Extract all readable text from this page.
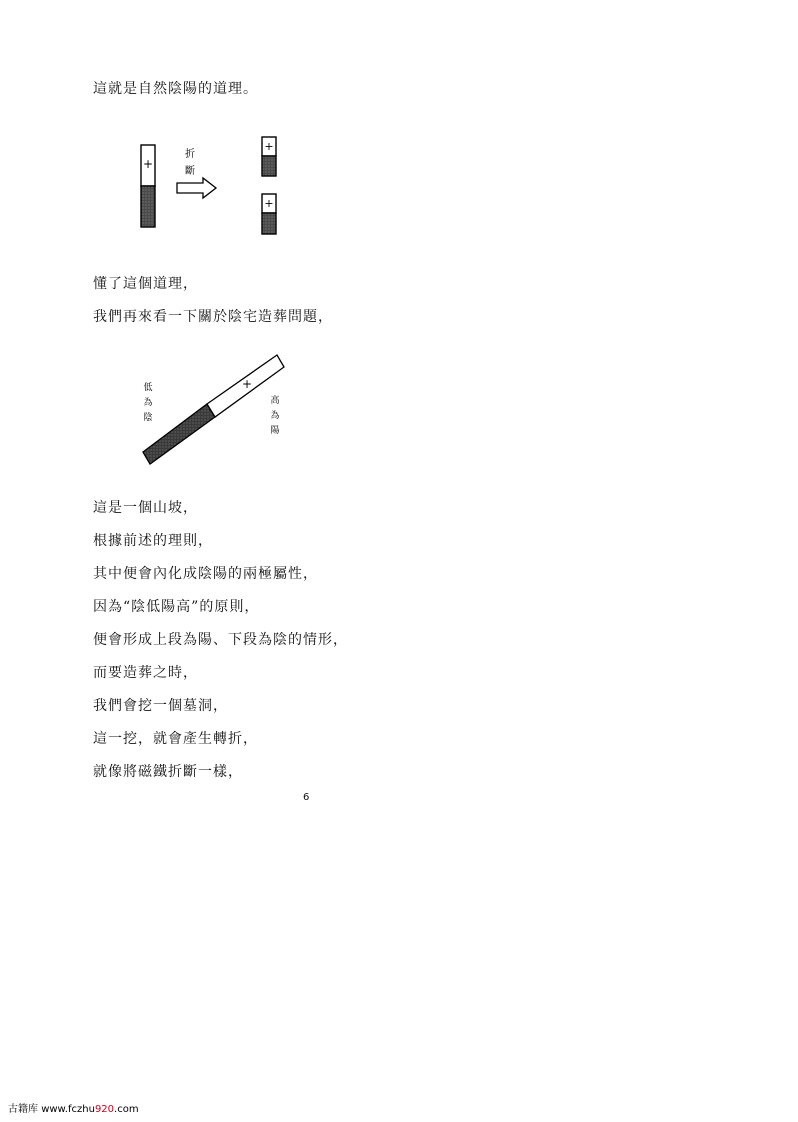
這就是自然陰陽的道理。
+
折
斷
+
+
懂了這個道理，
我們再來看一下關於陰宅造葬問題，
+
低
為
陰
高
為
陽
這是一個山坡，
根據前述的理則，
其中便會內化成陰陽的兩極屬性，
因為“陰低陽高”的原則，
便會形成上段為陽、下段為陰的情形，
而要造葬之時，
我們會挖一個墓洞，
這一挖，就會產生轉折，
就像將磁鐵折斷一樣，
6
古籍库 www.fczhu920.com
